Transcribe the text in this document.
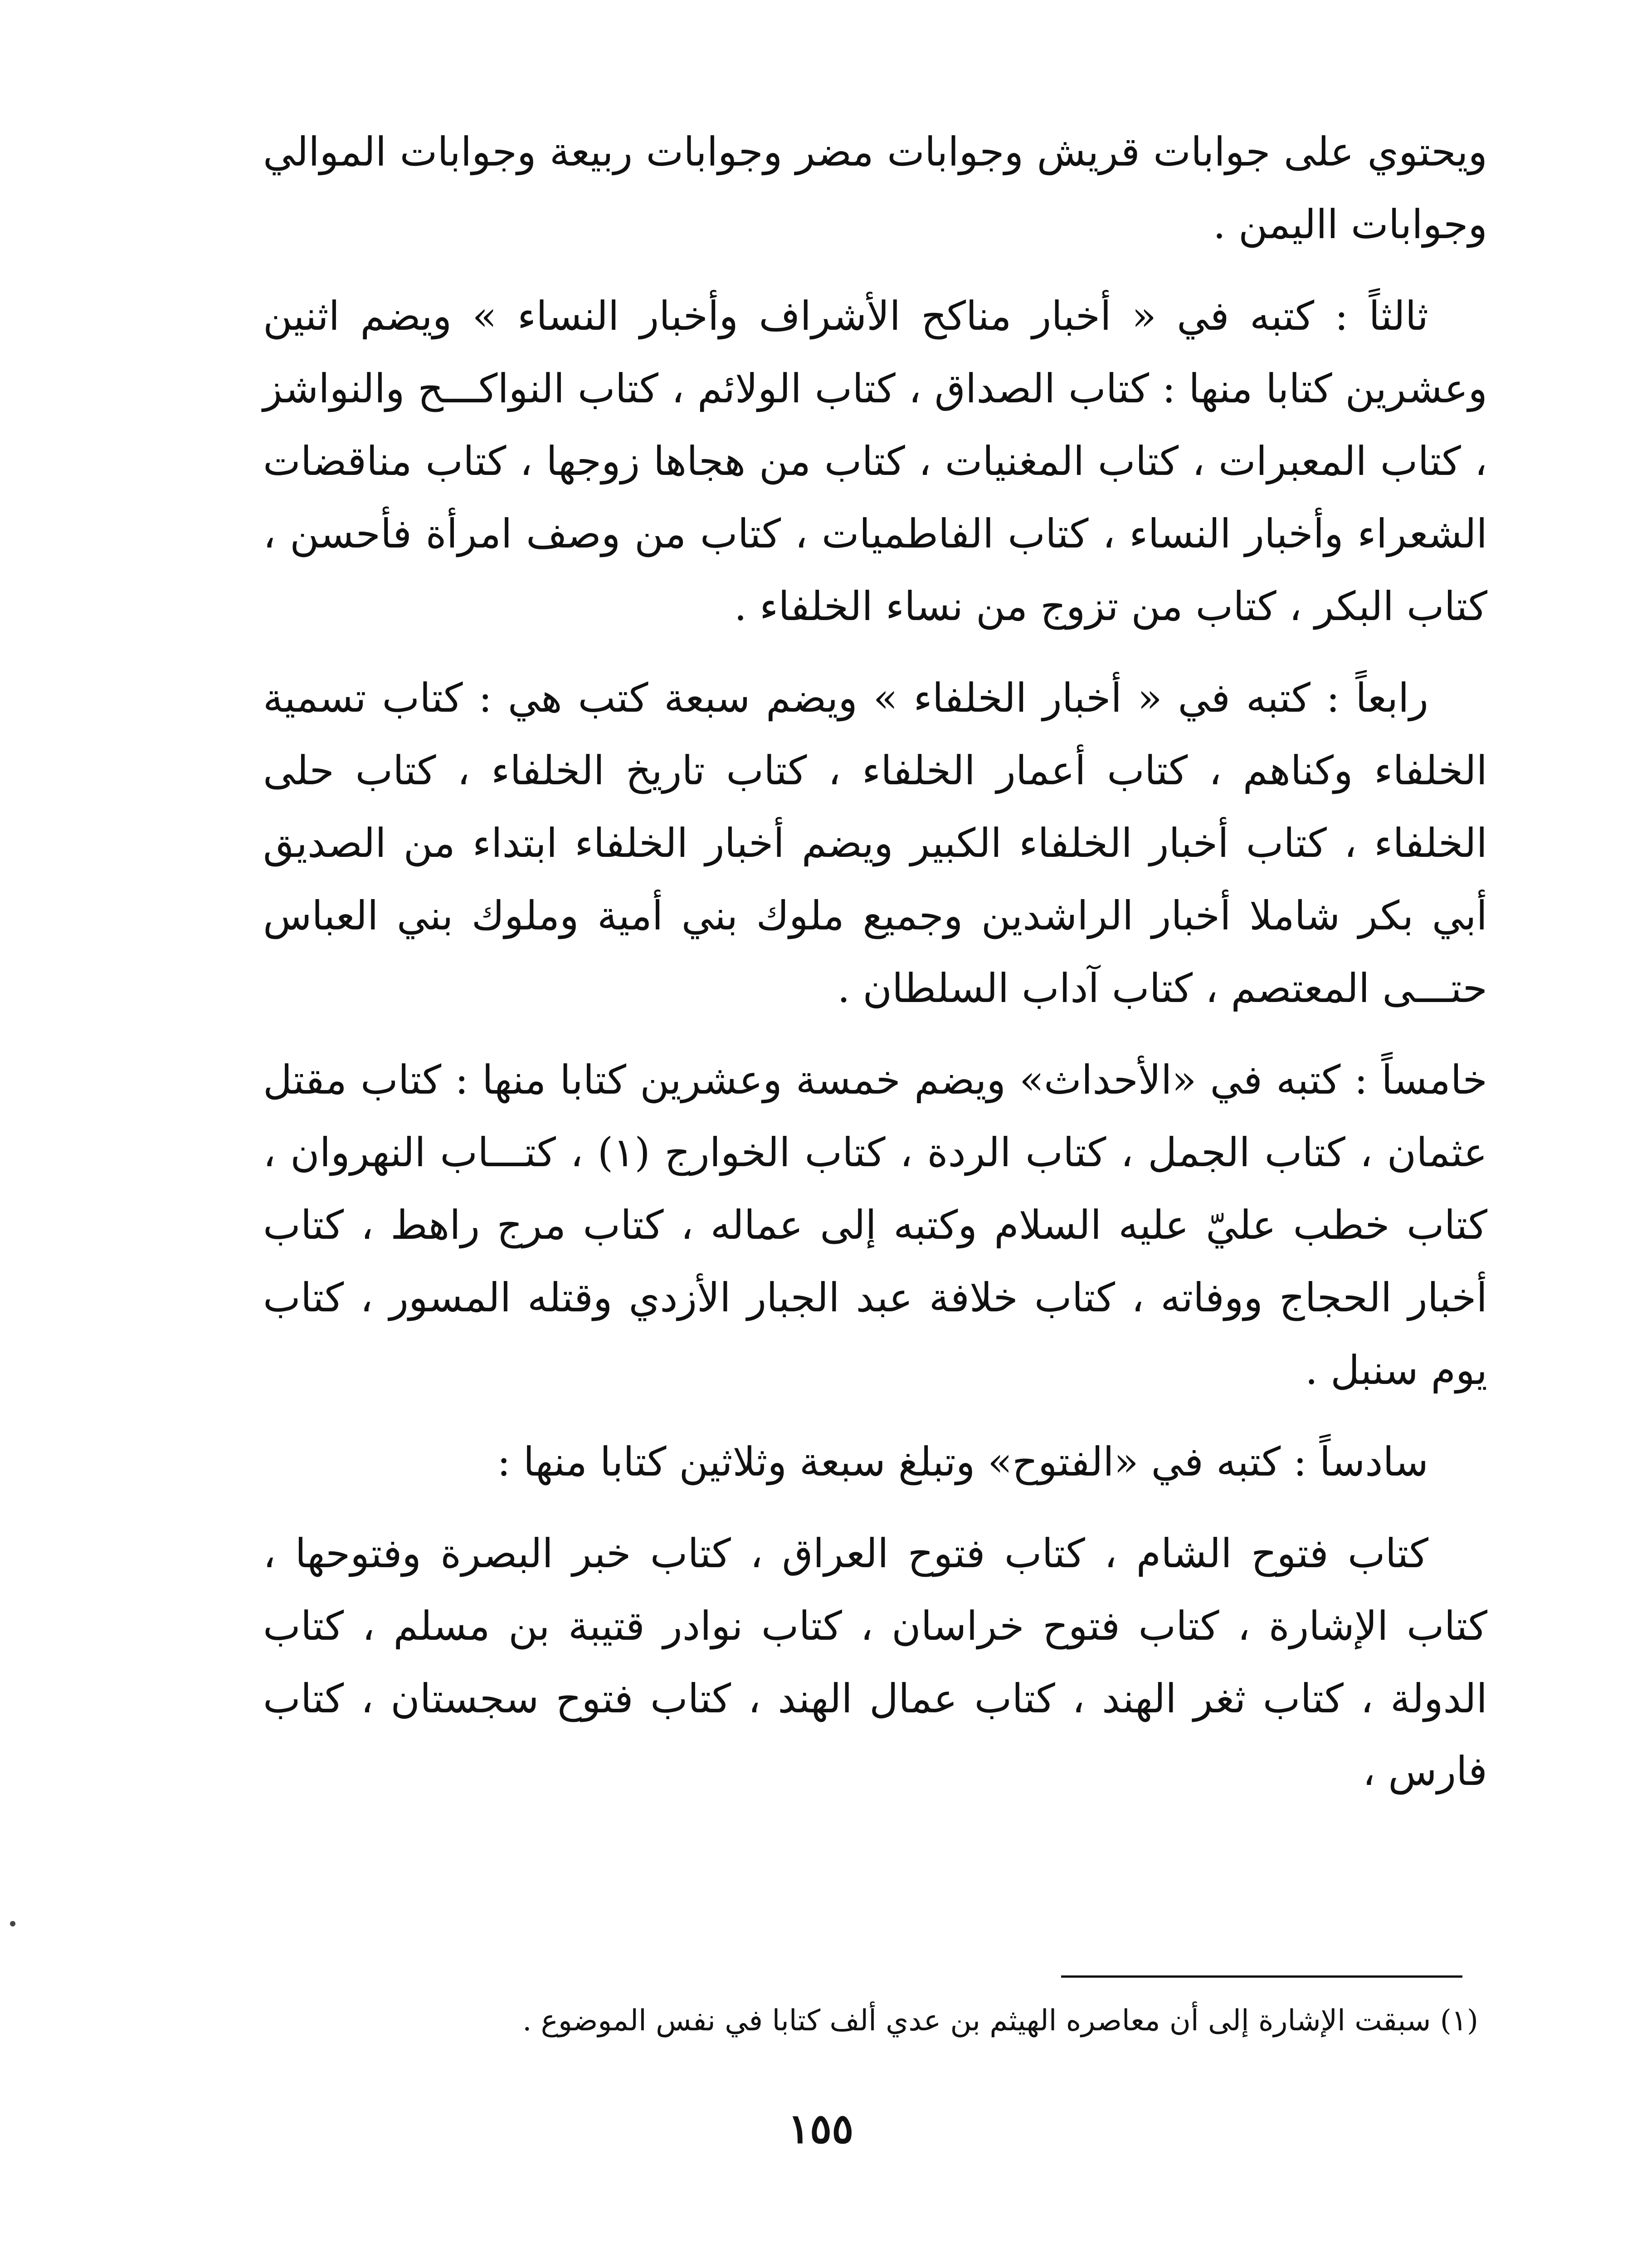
ويحتوي على جوابات قريش وجوابات مضر وجوابات ربيعة وجوابات الموالي وجوابات االيمن .

ثالثاً : كتبه في « أخبار مناكح الأشراف وأخبار النساء » ويضم اثنين وعشرين كتابا منها : كتاب الصداق ، كتاب الولائم ، كتاب النواكـــح والنواشز ، كتاب المعبرات ، كتاب المغنيات ، كتاب من هجاها زوجها ، كتاب مناقضات الشعراء وأخبار النساء ، كتاب الفاطميات ، كتاب من وصف امرأة فأحسن ، كتاب البكر ، كتاب من تزوج من نساء الخلفاء .

رابعاً : كتبه في « أخبار الخلفاء » ويضم سبعة كتب هي : كتاب تسمية الخلفاء وكناهم ، كتاب أعمار الخلفاء ، كتاب تاريخ الخلفاء ، كتاب حلى الخلفاء ، كتاب أخبار الخلفاء الكبير ويضم أخبار الخلفاء ابتداء من الصديق أبي بكر شاملا أخبار الراشدين وجميع ملوك بني أمية وملوك بني العباس حتـــى المعتصم ، كتاب آداب السلطان .

خامساً : كتبه في «الأحداث» ويضم خمسة وعشرين كتابا منها : كتاب مقتل عثمان ، كتاب الجمل ، كتاب الردة ، كتاب الخوارج (١) ، كتـــاب النهروان ، كتاب خطب عليّ عليه السلام وكتبه إلى عماله ، كتاب مرج راهط ، كتاب أخبار الحجاج ووفاته ، كتاب خلافة عبد الجبار الأزدي وقتله المسور ، كتاب يوم سنبل .

سادساً : كتبه في «الفتوح» وتبلغ سبعة وثلاثين كتابا منها :

كتاب فتوح الشام ، كتاب فتوح العراق ، كتاب خبر البصرة وفتوحها ، كتاب الإشارة ، كتاب فتوح خراسان ، كتاب نوادر قتيبة بن مسلم ، كتاب الدولة ، كتاب ثغر الهند ، كتاب عمال الهند ، كتاب فتوح سجستان ، كتاب فارس ،

(١) سبقت الإشارة إلى أن معاصره الهيثم بن عدي ألف كتابا في نفس الموضوع .
١٥٥
